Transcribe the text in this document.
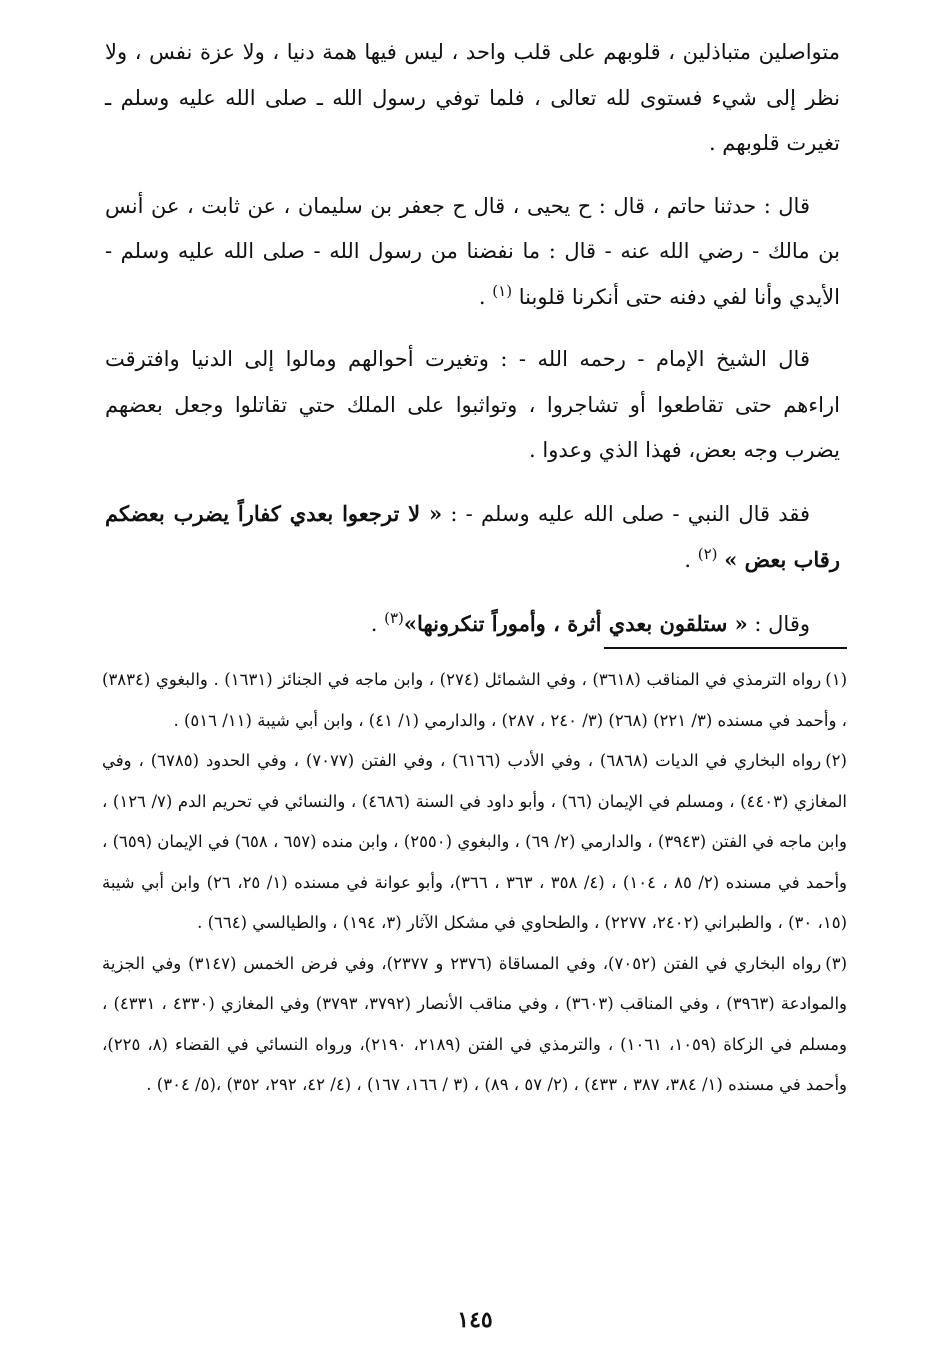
متواصلين متباذلين ، قلوبهم على قلب واحد ، ليس فيها همة دنيا ، ولا عزة نفس ، ولا نظر إلى شيء فستوى لله تعالى ، فلما توفي رسول الله ـ صلى الله عليه وسلم ـ تغيرت قلوبهم .

قال : حدثنا حاتم ، قال : ح يحيى ، قال ح جعفر بن سليمان ، عن ثابت ، عن أنس بن مالك - رضي الله عنه - قال : ما نفضنا من رسول الله - صلى الله عليه وسلم - الأيدي وأنا لفي دفنه حتى أنكرنا قلوبنا $^{(١)}$ .

قال الشيخ الإمام - رحمه الله - : وتغيرت أحوالهم ومالوا إلى الدنيا وافترقت اراءهم حتى تقاطعوا أو تشاجروا ، وتواثبوا على الملك حتي تقاتلوا وجعل بعضهم يضرب وجه بعض، فهذا الذي وعدوا .

فقد قال النبي - صلى الله عليه وسلم - : « لا ترجعوا بعدي كفاراً يضرب بعضكم رقاب بعض » $^{(٢)}$ .

وقال : « ستلقون بعدي أثرة ، وأموراً تنكرونها»$^{(٣)}$ .

(١)رواه الترمذي في المناقب (٣٦١٨) ، وفي الشمائل (٢٧٤) ، وابن ماجه في الجنائز (١٦٣١) . والبغوي (٣٨٣٤) ، وأحمد في مسنده (٣/ ٢٢١) (٢٦٨) (٣/ ٢٤٠ ، ٢٨٧) ، والدارمي (١/ ٤١) ، وابن أبي شيبة (١١/ ٥١٦) .

(٢)رواه البخاري في الديات (٦٨٦٨) ، وفي الأدب (٦١٦٦) ، وفي الفتن (٧٠٧٧) ، وفي الحدود (٦٧٨٥) ، وفي المغازي (٤٤٠٣) ، ومسلم في الإيمان (٦٦) ، وأبو داود في السنة (٤٦٨٦) ، والنسائي في تحريم الدم (٧/ ١٢٦) ، وابن ماجه في الفتن (٣٩٤٣) ، والدارمي (٢/ ٦٩) ، والبغوي (٢٥٥٠) ، وابن منده (٦٥٧ ، ٦٥٨) في الإيمان (٦٥٩) ، وأحمد في مسنده (٢/ ٨٥ ، ١٠٤) ، (٤/ ٣٥٨ ، ٣٦٣ ، ٣٦٦)، وأبو عوانة في مسنده (١/ ٢٥، ٢٦) وابن أبي شيبة (١٥، ٣٠) ، والطبراني (٢٤٠٢، ٢٢٧٧) ، والطحاوي في مشكل الآثار (٣، ١٩٤) ، والطيالسي (٦٦٤) .

(٣)رواه البخاري في الفتن (٧٠٥٢)، وفي المساقاة (٢٣٧٦ و ٢٣٧٧)، وفي فرض الخمس (٣١٤٧) وفي الجزية والموادعة (٣٩٦٣) ، وفي المناقب (٣٦٠٣) ، وفي مناقب الأنصار (٣٧٩٢، ٣٧٩٣) وفي المغازي (٤٣٣٠ ، ٤٣٣١) ، ومسلم في الزكاة (١٠٥٩، ١٠٦١) ، والترمذي في الفتن (٢١٨٩، ٢١٩٠)، ورواه النسائي في القضاء (٨، ٢٢٥)، وأحمد في مسنده (١/ ٣٨٤، ٣٨٧ ، ٤٣٣) ، (٢/ ٥٧ ، ٨٩) ، (٣ / ١٦٦، ١٦٧) ، (٤/ ٤٢، ٢٩٢، ٣٥٢) ،(٥/ ٣٠٤) .

١٤٥
